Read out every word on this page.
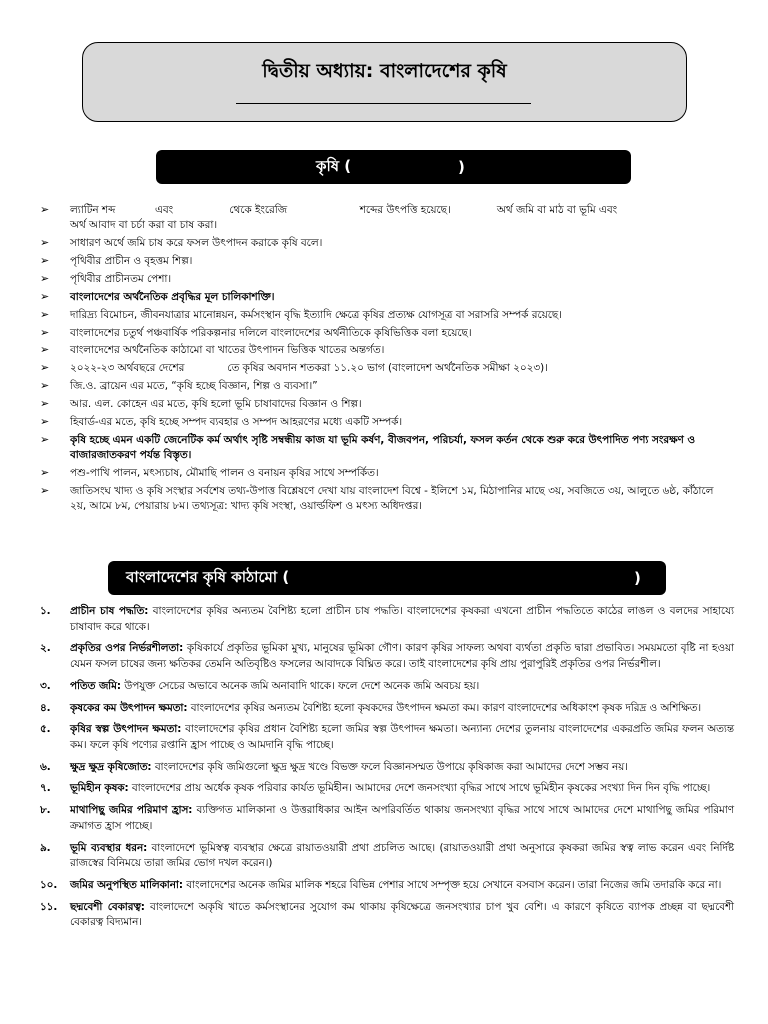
দ্বিতীয় অধ্যায়: বাংলাদেশের কৃষি
কৃষি (	)
➢ ল্যাটিন শব্দ            এবং                 থেকে ইংরেজি                      শব্দের উৎপত্তি হয়েছে।              অর্থ জমি বা মাঠ বা ভূমি এবং
অর্থ আবাদ বা চর্চা করা বা চাষ করা।
➢ সাধারণ অর্থে জমি চাষ করে ফসল উৎপাদন করাকে কৃষি বলে।
➢ পৃথিবীর প্রাচীন ও বৃহত্তম শিল্প।
➢ পৃথিবীর প্রাচীনতম পেশা।
➢ বাংলাদেশের অর্থনৈতিক প্রবৃদ্ধির মূল চালিকাশক্তি।
➢ দারিদ্র্য বিমোচন, জীবনযাত্রার মানোন্নয়ন, কর্মসংস্থান বৃদ্ধি ইত্যাদি ক্ষেত্রে কৃষির প্রত্যক্ষ যোগসূত্র বা সরাসরি সম্পর্ক রয়েছে।
➢ বাংলাদেশের চতুর্থ পঞ্চবার্ষিক পরিকল্পনার দলিলে বাংলাদেশের অর্থনীতিকে কৃষিভিত্তিক বলা হয়েছে।
➢ বাংলাদেশের অর্থনৈতিক কাঠামো বা খাতের উৎপাদন ভিত্তিক খাতের অন্তর্গত।
➢ ২০২২-২৩ অর্থবছরে দেশের             তে কৃষির অবদান শতকরা ১১.২০ ভাগ (বাংলাদেশ অর্থনৈতিক সমীক্ষা ২০২৩)।
➢ জি.ও. ব্রায়েন এর মতে, “কৃষি হচ্ছে বিজ্ঞান, শিল্প ও ব্যবসা।”
➢ আর. এল. কোহেন এর মতে, কৃষি হলো ভূমি চাষাবাদের বিজ্ঞান ও শিল্প।
➢ হিবার্ড-এর মতে, কৃষি হচ্ছে সম্পদ ব্যবহার ও সম্পদ আহরণের মধ্যে একটি সম্পর্ক।
➢ কৃষি হচ্ছে এমন একটি জেনেটিক কর্ম অর্থাৎ সৃষ্টি সম্বন্ধীয় কাজ যা ভূমি কর্ষণ, বীজবপন, পরিচর্যা, ফসল কর্তন থেকে শুরু করে উৎপাদিত পণ্য সংরক্ষণ ও বাজারজাতকরণ পর্যন্ত বিস্তৃত।
➢ পশু-পাখি পালন, মৎস্যচাষ, মৌমাছি পালন ও বনায়ন কৃষির সাথে সম্পর্কিত।
➢ জাতিসংঘ খাদ্য ও কৃষি সংস্থার সর্বশেষ তথ্য-উপাত্ত বিশ্লেষণে দেখা যায় বাংলাদেশ বিশ্বে - ইলিশে ১ম, মিঠাপানির মাছে ৩য়, সবজিতে ৩য়, আলুতে ৬ষ্ঠ, কাঁঠালে ২য়, আমে ৮ম, পেয়ারায় ৮ম। তথ্যসূত্র: খাদ্য কৃষি সংস্থা, ওয়ার্ল্ডফিশ ও মৎস্য অধিদপ্তর।
বাংলাদেশের কৃষি কাঠামো (	)
১. প্রাচীন চাষ পদ্ধতি: বাংলাদেশের কৃষির অন্যতম বৈশিষ্ট্য হলো প্রাচীন চাষ পদ্ধতি। বাংলাদেশের কৃষকরা এখনো প্রাচীন পদ্ধতিতে কাঠের লাঙল ও বলদের সাহায্যে চাষাবাদ করে থাকে।
২. প্রকৃতির ওপর নির্ভরশীলতা: কৃষিকার্যে প্রকৃতির ভূমিকা মুখ্য, মানুষের ভূমিকা গৌণ। কারণ কৃষির সাফল্য অথবা ব্যর্থতা প্রকৃতি দ্বারা প্রভাবিত। সময়মতো বৃষ্টি না হওয়া যেমন ফসল চাষের জন্য ক্ষতিকর তেমনি অতিবৃষ্টিও ফসলের আবাদকে বিঘ্নিত করে। তাই বাংলাদেশের কৃষি প্রায় পুরাপুরিই প্রকৃতির ওপর নির্ভরশীল।
৩. পতিত জমি: উপযুক্ত সেচের অভাবে অনেক জমি অনাবাদি থাকে। ফলে দেশে অনেক জমি অবচয় হয়।
৪. কৃষকের কম উৎপাদন ক্ষমতা: বাংলাদেশের কৃষির অন্যতম বৈশিষ্ট্য হলো কৃষকদের উৎপাদন ক্ষমতা কম। কারণ বাংলাদেশের অধিকাংশ কৃষক দরিদ্র ও অশিক্ষিত।
৫. কৃষির স্বল্প উৎপাদন ক্ষমতা: বাংলাদেশের কৃষির প্রধান বৈশিষ্ট্য হলো জমির স্বল্প উৎপাদন ক্ষমতা। অন্যান্য দেশের তুলনায় বাংলাদেশের একরপ্রতি জমির ফলন অত্যন্ত কম। ফলে কৃষি পণ্যের রপ্তানি হ্রাস পাচ্ছে ও আমদানি বৃদ্ধি পাচ্ছে।
৬. ক্ষুদ্র ক্ষুদ্র কৃষিজোত: বাংলাদেশের কৃষি জমিগুলো ক্ষুদ্র ক্ষুদ্র খণ্ডে বিভক্ত ফলে বিজ্ঞানসম্মত উপায়ে কৃষিকাজ করা আমাদের দেশে সম্ভব নয়।
৭. ভূমিহীন কৃষক: বাংলাদেশের প্রায় অর্ধেক কৃষক পরিবার কার্যত ভূমিহীন। আমাদের দেশে জনসংখ্যা বৃদ্ধির সাথে সাথে ভূমিহীন কৃষকের সংখ্যা দিন দিন বৃদ্ধি পাচ্ছে।
৮. মাথাপিছু জমির পরিমাণ হ্রাস: ব্যক্তিগত মালিকানা ও উত্তরাধিকার আইন অপরিবর্তিত থাকায় জনসংখ্যা বৃদ্ধির সাথে সাথে আমাদের দেশে মাথাপিছু জমির পরিমাণ ক্রমাগত হ্রাস পাচ্ছে।
৯. ভূমি ব্যবস্থার ধরন: বাংলাদেশে ভূমিস্বত্ব ব্যবস্থার ক্ষেত্রে রায়াতওয়ারী প্রথা প্রচলিত আছে। (রায়াতওয়ারী প্রথা অনুসারে কৃষকরা জমির স্বত্ব লাভ করেন এবং নির্দিষ্ট রাজস্বের বিনিময়ে তারা জমির ভোগ দখল করেন।)
১০. জমির অনুপস্থিত মালিকানা: বাংলাদেশের অনেক জমির মালিক শহরে বিভিন্ন পেশার সাথে সম্পৃক্ত হয়ে সেখানে বসবাস করেন। তারা নিজের জমি তদারকি করে না।
১১. ছদ্মবেশী বেকারত্ব: বাংলাদেশে অকৃষি খাতে কর্মসংস্থানের সুযোগ কম থাকায় কৃষিক্ষেত্রে জনসংখ্যার চাপ খুব বেশি। এ কারণে কৃষিতে ব্যাপক প্রচ্ছন্ন বা ছদ্মবেশী বেকারত্ব বিদ্যমান।
